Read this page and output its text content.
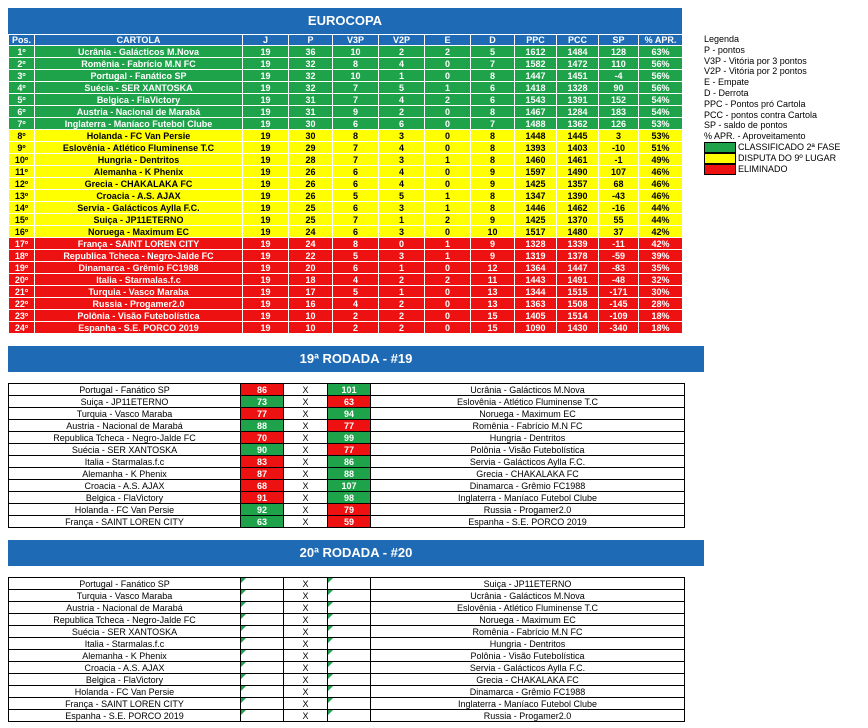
EUROCOPA
Pos.	CARTOLA	J	P	V3P	V2P	E	D	PPC	PCC	SP	% APR.
1º	Ucrânia - Galácticos M.Nova	19	36	10	2	2	5	1612	1484	128	63%
2º	Romênia - Fabrício M.N FC	19	32	8	4	0	7	1582	1472	110	56%
3º	Portugal - Fanático SP	19	32	10	1	0	8	1447	1451	-4	56%
4º	Suécia - SER XANTOSKA	19	32	7	5	1	6	1418	1328	90	56%
5º	Belgica - FlaVictory	19	31	7	4	2	6	1543	1391	152	54%
6º	Austria - Nacional de Marabá	19	31	9	2	0	8	1467	1284	183	54%
7º	Inglaterra - Maníaco Futebol Clube	19	30	6	6	0	7	1488	1362	126	53%
8º	Holanda - FC Van Persie	19	30	8	3	0	8	1448	1445	3	53%
9º	Eslovênia - Atlético Fluminense T.C	19	29	7	4	0	8	1393	1403	-10	51%
10º	Hungria - Dentritos	19	28	7	3	1	8	1460	1461	-1	49%
11º	Alemanha - K Phenix	19	26	6	4	0	9	1597	1490	107	46%
12º	Grecia - CHAKALAKA FC	19	26	6	4	0	9	1425	1357	68	46%
13º	Croacia - A.S. AJAX	19	26	5	5	1	8	1347	1390	-43	46%
14º	Servia - Galácticos Aylla F.C.	19	25	6	3	1	8	1446	1462	-16	44%
15º	Suiça - JP11ETERNO	19	25	7	1	2	9	1425	1370	55	44%
16º	Noruega - Maximum EC	19	24	6	3	0	10	1517	1480	37	42%
17º	França - SAINT LOREN CITY	19	24	8	0	1	9	1328	1339	-11	42%
18º	Republica Tcheca - Negro-Jalde FC	19	22	5	3	1	9	1319	1378	-59	39%
19º	Dinamarca - Grêmio FC1988	19	20	6	1	0	12	1364	1447	-83	35%
20º	Italia - Starmalas.f.c	19	18	4	2	2	11	1443	1491	-48	32%
21º	Turquia - Vasco Maraba	19	17	5	1	0	13	1344	1515	-171	30%
22º	Russia - Progamer2.0	19	16	4	2	0	13	1363	1508	-145	28%
23º	Polônia - Visão Futebolística	19	10	2	2	0	15	1405	1514	-109	18%
24º	Espanha - S.E. PORCO 2019	19	10	2	2	0	15	1090	1430	-340	18%
Legenda
P - pontos
V3P - Vitória por 3 pontos
V2P - Vitória por 2 pontos
E - Empate
D - Derrota
PPC - Pontos pró Cartola
PCC - pontos contra Cartola
SP - saldo de pontos
% APR. - Aproveitamento
CLASSIFICADO 2ª FASE
DISPUTA DO 9º LUGAR
ELIMINADO
19ª RODADA - #19
Portugal - Fanático SP	86	X	101	Ucrânia - Galácticos M.Nova
Suiça - JP11ETERNO	73	X	63	Eslovênia - Atlético Fluminense T.C
Turquia - Vasco Maraba	77	X	94	Noruega - Maximum EC
Austria - Nacional de Marabá	88	X	77	Romênia - Fabrício M.N FC
Republica Tcheca - Negro-Jalde FC	70	X	99	Hungria - Dentritos
Suécia - SER XANTOSKA	90	X	77	Polônia - Visão Futebolística
Italia - Starmalas.f.c	83	X	86	Servia - Galácticos Aylla F.C.
Alemanha - K Phenix	87	X	88	Grecia - CHAKALAKA FC
Croacia - A.S. AJAX	68	X	107	Dinamarca - Grêmio FC1988
Belgica - FlaVictory	91	X	98	Inglaterra - Maníaco Futebol Clube
Holanda - FC Van Persie	92	X	79	Russia - Progamer2.0
França - SAINT LOREN CITY	63	X	59	Espanha - S.E. PORCO 2019
20ª RODADA - #20
Portugal - Fanático SP		X		Suiça - JP11ETERNO
Turquia - Vasco Maraba		X		Ucrânia - Galácticos M.Nova
Austria - Nacional de Marabá		X		Eslovênia - Atlético Fluminense T.C
Republica Tcheca - Negro-Jalde FC		X		Noruega - Maximum EC
Suécia - SER XANTOSKA		X		Romênia - Fabrício M.N FC
Italia - Starmalas.f.c		X		Hungria - Dentritos
Alemanha - K Phenix		X		Polônia - Visão Futebolística
Croacia - A.S. AJAX		X		Servia - Galácticos Aylla F.C.
Belgica - FlaVictory		X		Grecia - CHAKALAKA FC
Holanda - FC Van Persie		X		Dinamarca - Grêmio FC1988
França - SAINT LOREN CITY		X		Inglaterra - Maníaco Futebol Clube
Espanha - S.E. PORCO 2019		X		Russia - Progamer2.0
